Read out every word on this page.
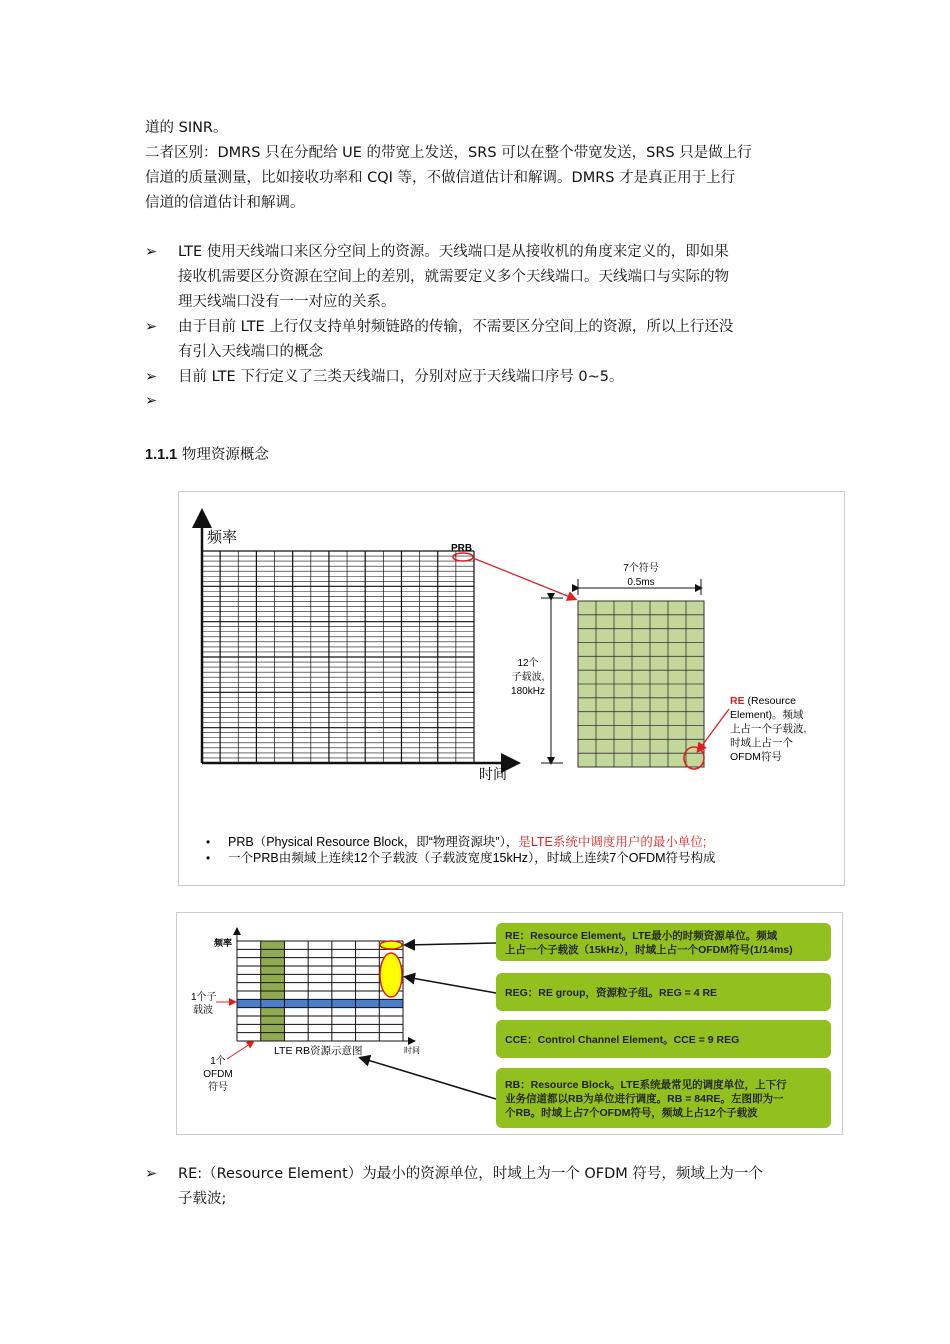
道的 SINR。
二者区别：DMRS 只在分配给 UE 的带宽上发送，SRS 可以在整个带宽发送，SRS 只是做上行
信道的质量测量，比如接收功率和 CQI 等，不做信道估计和解调。DMRS 才是真正用于上行
信道的信道估计和解调。
➢ LTE 使用天线端口来区分空间上的资源。天线端口是从接收机的角度来定义的，即如果
接收机需要区分资源在空间上的差别，就需要定义多个天线端口。天线端口与实际的物
理天线端口没有一一对应的关系。
➢ 由于目前 LTE 上行仅支持单射频链路的传输，不需要区分空间上的资源，所以上行还没
有引入天线端口的概念
➢ 目前 LTE 下行定义了三类天线端口，分别对应于天线端口序号 0~5。
➢
1.1.1 物理资源概念
频率
时间
PRB
7个符号
0.5ms
12个
子载波,
180kHz
RE (Resource
Element)。频域
上占一个子载波,
时域上占一个
OFDM符号
• PRB（Physical Resource Block，即“物理资源块”），是LTE系统中调度用户的最小单位;
• 一个PRB由频域上连续12个子载波（子载波宽度15kHz），时域上连续7个OFDM符号构成
频率
时间
LTE RB资源示意图
1个子
载波
1个
OFDM
符号
RE：Resource Element。LTE最小的时频资源单位。频域
上占一个子载波（15kHz），时域上占一个OFDM符号(1/14ms)
REG：RE group，资源粒子组。REG = 4 RE
CCE：Control Channel Element。CCE = 9 REG
RB：Resource Block。LTE系统最常见的调度单位，上下行
业务信道都以RB为单位进行调度。RB = 84RE。左图即为一
个RB。时域上占7个OFDM符号，频域上占12个子载波
➢ RE:（Resource Element）为最小的资源单位，时域上为一个 OFDM 符号，频域上为一个
子载波;
